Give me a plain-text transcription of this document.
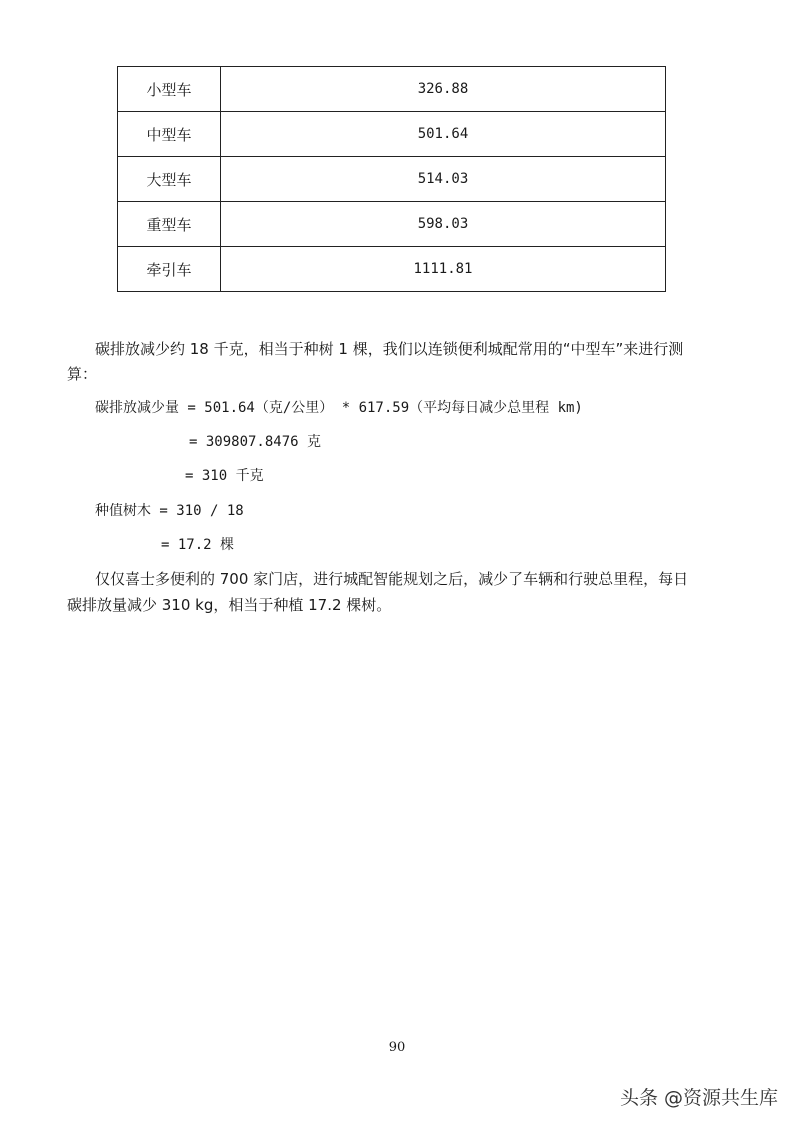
小型车	326.88
中型车	501.64
大型车	514.03
重型车	598.03
牵引车	1111.81
碳排放减少约 18 千克，相当于种树 1 棵，我们以连锁便利城配常用的“中型车”来进行测
算：
碳排放减少量 = 501.64（克/公里） * 617.59（平均每日减少总里程 km)
= 309807.8476 克
= 310 千克
种值树木 = 310 / 18
= 17.2 棵
仅仅喜士多便利的 700 家门店，进行城配智能规划之后，减少了车辆和行驶总里程，每日
碳排放量减少 310 kg，相当于种植 17.2 棵树。
90
头条 @资源共生库
